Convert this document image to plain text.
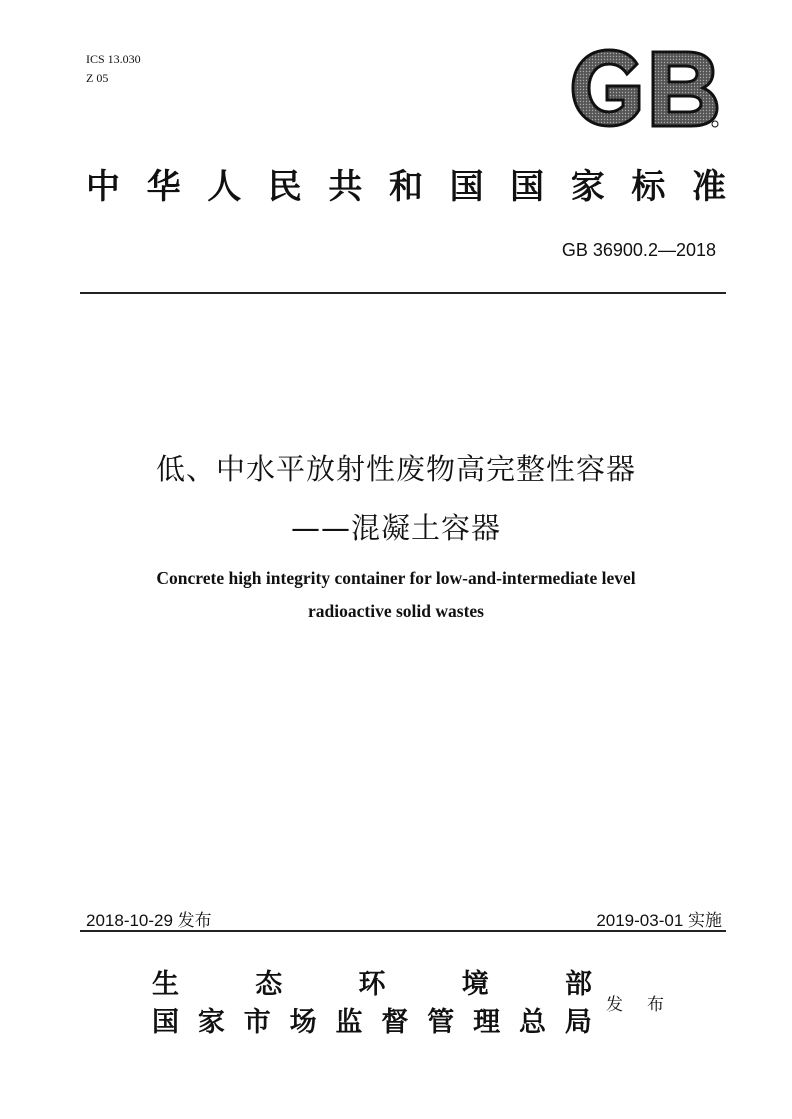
ICS 13.030
Z 05
中 华 人 民 共 和 国 国 家 标 准
GB 36900.2—2018
低、中水平放射性废物高完整性容器
——混凝土容器
Concrete high integrity container for low-and-intermediate level
radioactive solid wastes
2018-10-29 发布	2019-03-01 实施
生	态	环	境	部
国 家 市 场 监 督 管 理 总 局
发 布
